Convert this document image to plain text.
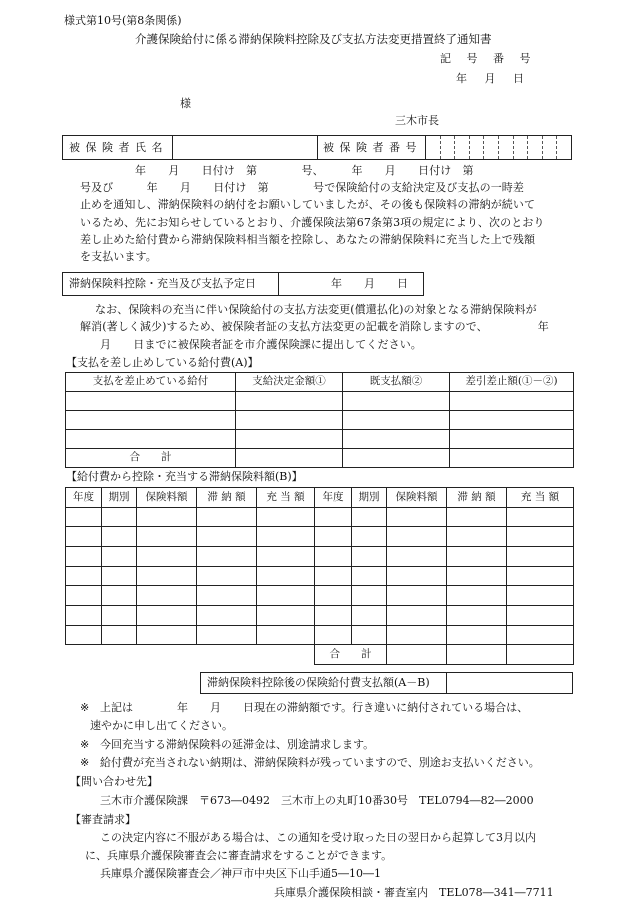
様式第10号(第8条関係)
介護保険給付に係る滞納保険料控除及び支払方法変更措置終了通知書
記 号 番 号
年 月 日
様
三木市長
被 保 険 者 氏 名	被 保 険 者 番 号
年　　月　　日付け　第　　　　号、　　　年　　月　　日付け　第
号及び　　　年　　月　　日付け　第　　　　号で保険給付の支給決定及び支払の一時差
止めを通知し、滞納保険料の納付をお願いしていましたが、その後も保険料の滞納が続いて
いるため、先にお知らせしているとおり、介護保険法第67条第3項の規定により、次のとおり
差し止めた給付費から滞納保険料相当額を控除し、あなたの滞納保険料に充当した上で残額
を支払います。
滞納保険料控除・充当及び支払予定日	年　　月　　日
なお、保険料の充当に伴い保険給付の支払方法変更(償還払化)の対象となる滞納保険料が
解消(著しく減少)するため、被保険者証の支払方法変更の記載を消除しますので、　　　　　年
月　　日までに被保険者証を市介護保険課に提出してください。
【支払を差し止めしている給付費(A)】
支払を差止めている給付	支給決定金額①	既支払額②	差引差止額(①－②)

合　　計			
【給付費から控除・充当する滞納保険料額(B)】
年度	期別	保険料額	滞 納 額	充 当 額	年度	期別	保険料額	滞 納 額	充 当 額

					合　　計				
滞納保険料控除後の保険給付費支払額(A－B)
※ 上記は　　　　年　　月　　日現在の滞納額です。行き違いに納付されている場合は、
速やかに申し出てください。
※ 今回充当する滞納保険料の延滞金は、別途請求します。
※ 給付費が充当されない納期は、滞納保険料が残っていますので、別途お支払いください。
【問い合わせ先】
三木市介護保険課　〒673―0492　三木市上の丸町10番30号　TEL0794―82―2000
【審査請求】
この決定内容に不服がある場合は、この通知を受け取った日の翌日から起算して3月以内
に、兵庫県介護保険審査会に審査請求をすることができます。
兵庫県介護保険審査会／神戸市中央区下山手通5―10―1
兵庫県介護保険相談・審査室内　TEL078―341―7711
